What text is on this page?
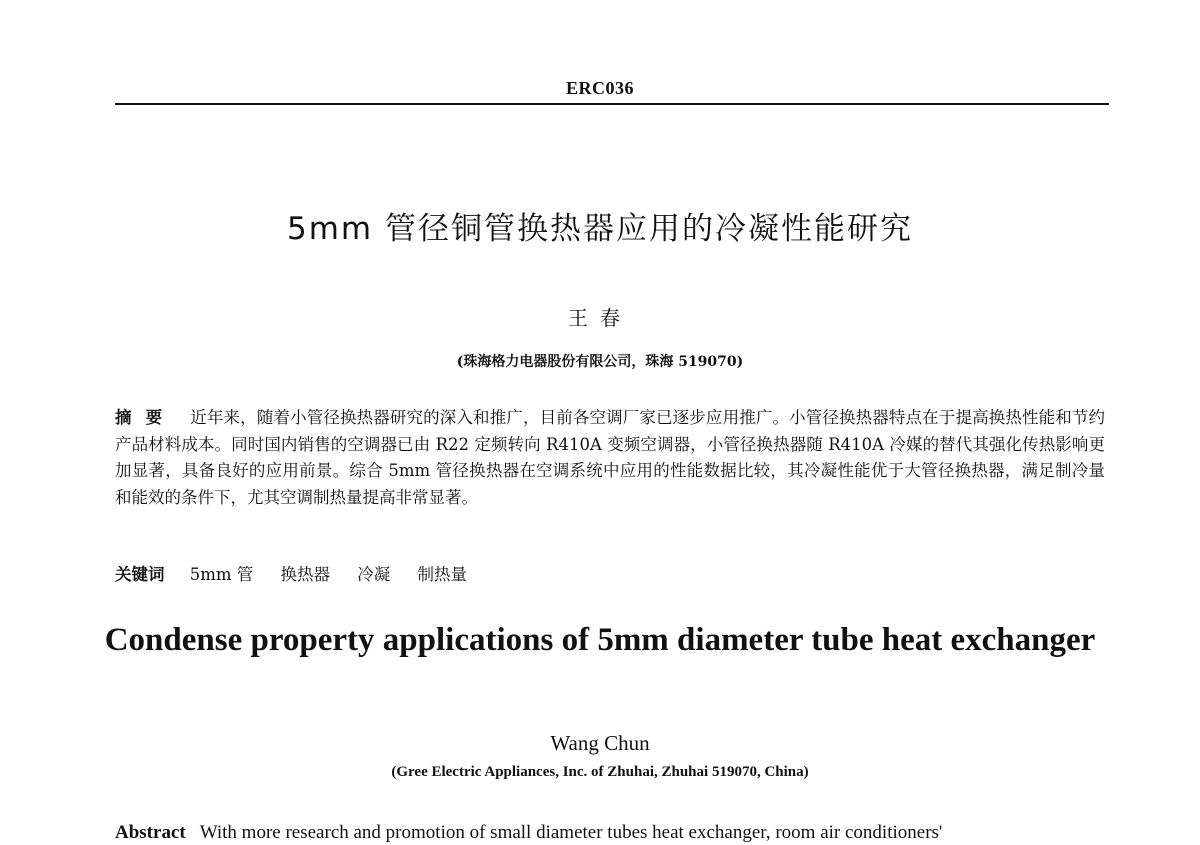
ERC036
5mm 管径铜管换热器应用的冷凝性能研究
王春
(珠海格力电器股份有限公司，珠海 519070)
摘要 近年来，随着小管径换热器研究的深入和推广，目前各空调厂家已逐步应用推广。小管径换热器特点在于提高换热性能和节约产品材料成本。同时国内销售的空调器已由 R22 定频转向 R410A 变频空调器，小管径换热器随 R410A 冷媒的替代其强化传热影响更加显著，具备良好的应用前景。综合 5mm 管径换热器在空调系统中应用的性能数据比较，其冷凝性能优于大管径换热器，满足制冷量和能效的条件下，尤其空调制热量提高非常显著。
关键词 5mm 管 换热器 冷凝 制热量
Condense property applications of 5mm diameter tube heat exchanger
Wang Chun
(Gree Electric Appliances, Inc. of Zhuhai, Zhuhai 519070, China)
Abstract With more research and promotion of small diameter tubes heat exchanger, room air conditioners'
